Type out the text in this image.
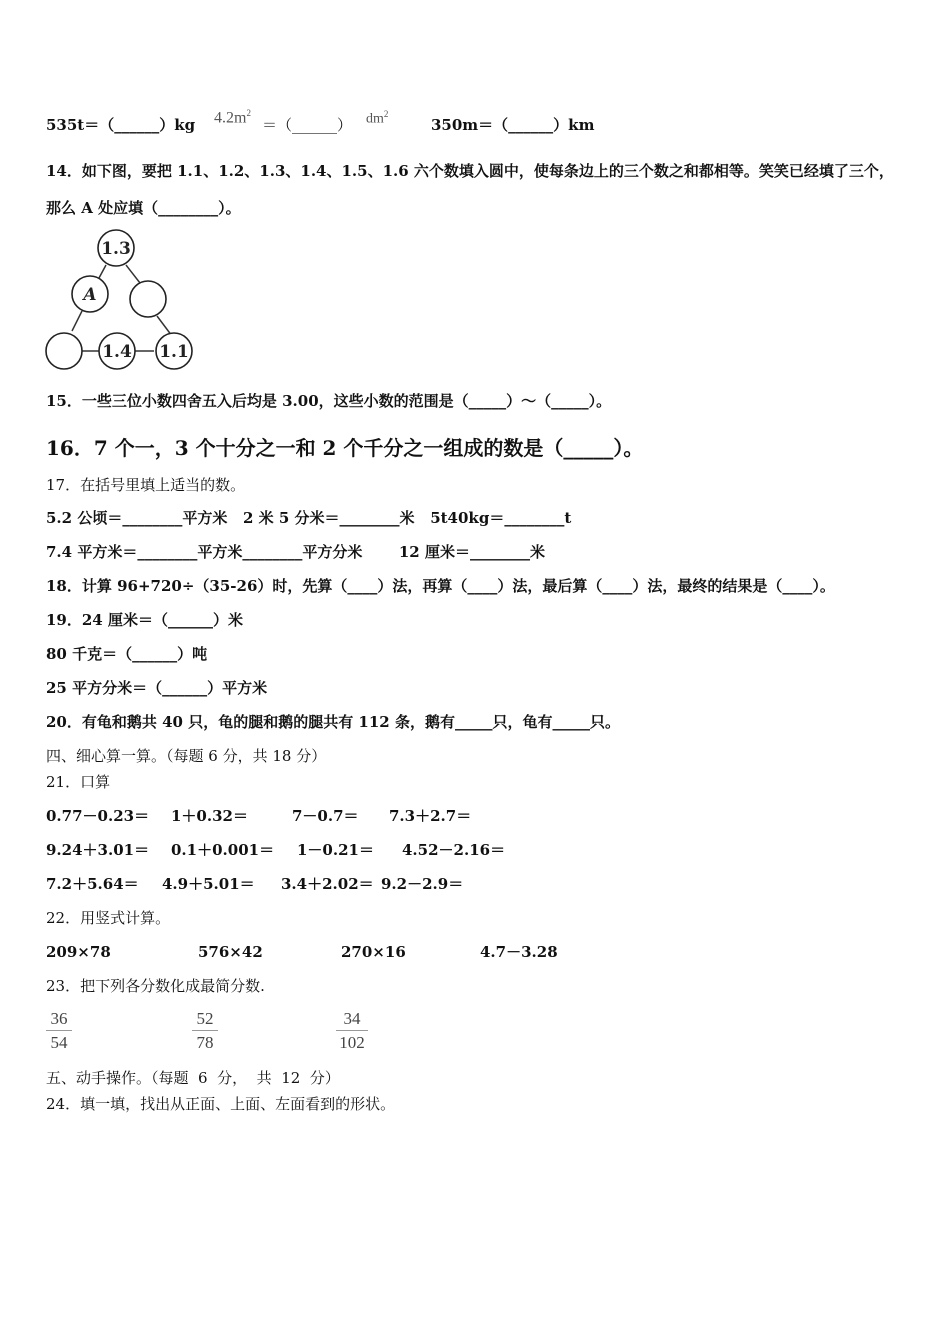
535t＝（______）kg $4.2m^2$
＝（______） $dm^2$
350m＝（______）km
14．如下图，要把 1.1、1.2、1.3、1.4、1.5、1.6 六个数填入圆中，使每条边上的三个数之和都相等。笑笑已经填了三个，
那么 A 处应填（________）。
1.3
A
1.4 1.1
15．一些三位小数四舍五入后均是 3.00，这些小数的范围是（_____）～（_____）。
16．7 个一，3 个十分之一和 2 个千分之一组成的数是（_____）。
17．在括号里填上适当的数。
5.2 公顷＝________平方米   2 米 5 分米＝________米   5t40kg＝________t
7.4 平方米＝________平方米________平方分米       12 厘米＝________米
18．计算 96+720÷（35-26）时，先算（____）法，再算（____）法，最后算（____）法，最终的结果是（____）。
19．24 厘米＝（______）米
80 千克＝（______）吨
25 平方分米＝（______）平方米
20．有龟和鹅共 40 只，龟的腿和鹅的腿共有 112 条，鹅有_____只，龟有_____只。
四、细心算一算。（每题 6 分，共 18 分）
21．口算
0.77－0.23＝ 1＋0.32＝	7－0.7＝ 7.3＋2.7＝
9.24＋3.01＝ 0.1＋0.001＝ 1－0.21＝ 4.52－2.16＝
7.2＋5.64＝ 4.9＋5.01＝ 3.4＋2.02＝ 9.2－2.9＝
22．用竖式计算。
209×78	576×42	270×16	4.7－3.28
23．把下列各分数化成最简分数.
$\frac{36}{54}$	$\frac{52}{78}$	$\frac{34}{102}$
五、动手操作。（每题  6  分，  共  12  分）
24．填一填，找出从正面、上面、左面看到的形状。
